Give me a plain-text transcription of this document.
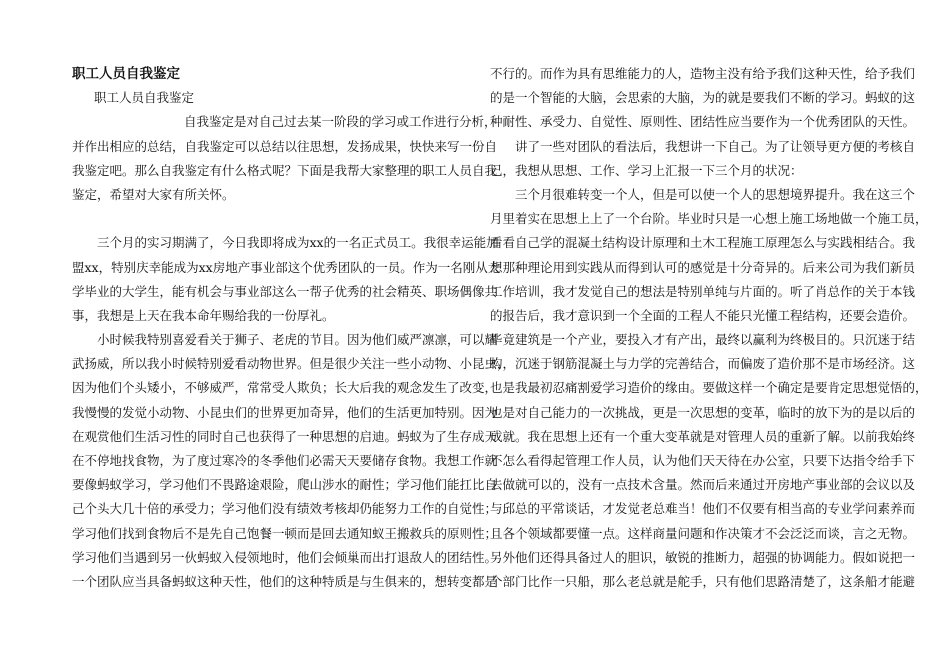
职工人员自我鉴定
职工人员自我鉴定
自我鉴定是对自己过去某一阶段的学习或工作进行分析，
并作出相应的总结，自我鉴定可以总结以往思想，发扬成果，快快来写一份自
我鉴定吧。那么自我鉴定有什么格式呢？下面是我帮大家整理的职工人员自我
鉴定，希望对大家有所关怀。
三个月的实习期满了，今日我即将成为xx的一名正式员工。我很幸运能加
盟xx，特别庆幸能成为xx房地产事业部这个优秀团队的一员。作为一名刚从大
学毕业的大学生，能有机会与事业部这么一帮子优秀的社会精英、职场偶像共
事，我想是上天在我本命年赐给我的一份厚礼。
小时候我特别喜爱看关于狮子、老虎的节目。因为他们威严凛凛，可以耀
武扬威，所以我小时候特别爱看动物世界。但是很少关注一些小动物、小昆虫，
因为他们个头矮小，不够威严，常常受人欺负；长大后我的观念发生了改变，
我慢慢的发觉小动物、小昆虫们的世界更加奇异，他们的生活更加特别。因为
在观赏他们生活习性的同时自己也获得了一种思想的启迪。蚂蚁为了生存成天
在不停地找食物，为了度过寒冷的冬季他们必需天天要储存食物。我想工作就
要像蚂蚁学习，学习他们不畏路途艰险，爬山涉水的耐性；学习他们能扛比自
己个头大几十倍的承受力；学习他们没有绩效考核却仍能努力工作的自觉性；
学习他们找到食物后不是先自己饱餐一顿而是回去通知蚁王搬救兵的原则性；
学习他们当遇到另一伙蚂蚁入侵领地时，他们会倾巢而出打退敌人的团结性。
一个团队应当具备蚂蚁这种天性，他们的这种特质是与生俱来的，想转变都是
不行的。而作为具有思维能力的人，造物主没有给予我们这种天性，给予我们
的是一个智能的大脑，会思索的大脑，为的就是要我们不断的学习。蚂蚁的这
种耐性、承受力、自觉性、原则性、团结性应当要作为一个优秀团队的天性。
讲了一些对团队的看法后，我想讲一下自己。为了让领导更方便的考核自
己，我想从思想、工作、学习上汇报一下三个月的状况：
三个月很难转变一个人，但是可以使一个人的思想境界提升。我在这三个
月里着实在思想上上了一个台阶。毕业时只是一心想上施工场地做一个施工员，
看看自己学的混凝土结构设计原理和土木工程施工原理怎么与实践相结合。我
想那种理论用到实践从而得到认可的感觉是十分奇异的。后来公司为我们新员
工作培训，我才发觉自己的想法是特别单纯与片面的。听了肖总作的关于本钱
的报告后，我才意识到一个全面的工程人不能只光懂工程结构，还要会造价。
毕竟建筑是一个产业，要投入才有产出，最终以赢利为终极目的。只沉迷于结
构，沉迷于钢筋混凝土与力学的完善结合，而偏废了造价那不是市场经济。这
也是我最初忍痛割爱学习造价的缘由。要做这样一个确定是要肯定思想觉悟的，
也是对自己能力的一次挑战，更是一次思想的变革，临时的放下为的是以后的
成就。我在思想上还有一个重大变革就是对管理人员的重新了解。以前我始终
不怎么看得起管理工作人员，认为他们天天待在办公室，只要下达指令给手下
去做就可以的，没有一点技术含量。然而后来通过开房地产事业部的会议以及
与邱总的平常谈话，才发觉老总难当！他们不仅要有相当高的专业学问素养而
且各个领域都要懂一点。这样商量问题和作决策才不会泛泛而谈，言之无物。
另外他们还得具备过人的胆识，敏锐的推断力，超强的协调能力。假如说把一
个部门比作一只船，那么老总就是舵手，只有他们思路清楚了，这条船才能避
